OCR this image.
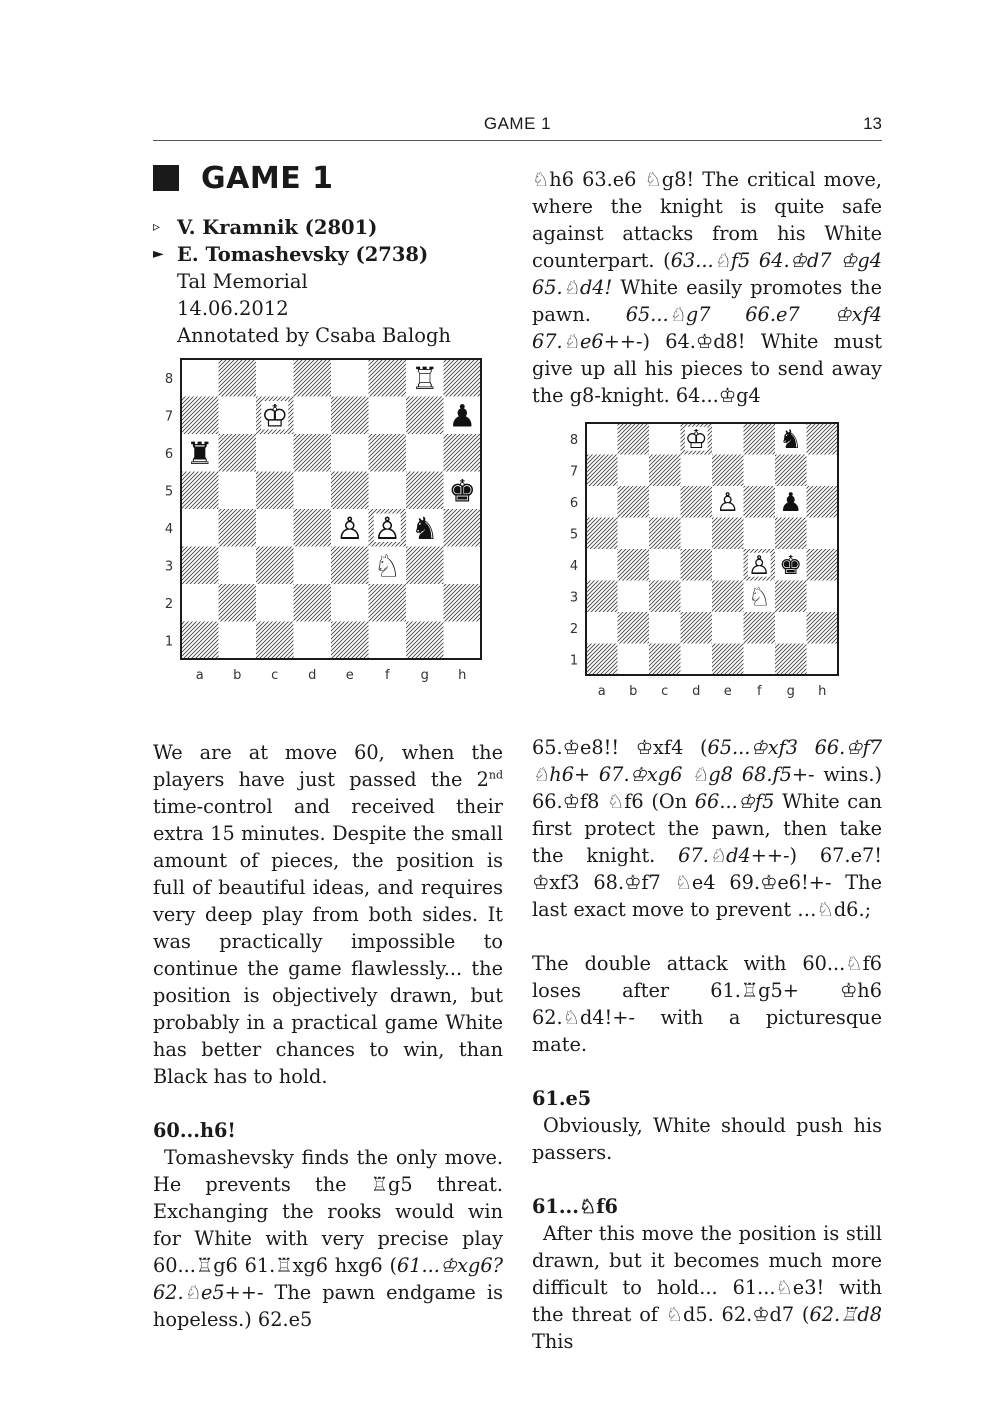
GAME 1	13
GAME 1
▹ V. Kramnik (2801)
► E. Tomashevsky (2738)
Tal Memorial
14.06.2012
Annotated by Csaba Balogh
8
7
6
5
4
3
2
1
a b c d e f g h
♖
♔	♟
♜
♚
♙ ♙ ♞
♘

We are at move 60, when the players have just passed the 2nd time-control and received their extra 15 minutes. Despite the small amount of pieces, the position is full of beautiful ideas, and requires very deep play from both sides. It was practically impossible to continue the game flawlessly... the position is objectively drawn, but probably in a practical game White has better chances to win, than Black has to hold.

60...h6!

Tomashevsky finds the only move. He prevents the ♖g5 threat. Exchanging the rooks would win for White with very precise play 60...♖g6 61.♖xg6 hxg6 (61...♔xg6? 62.♘e5++- The pawn endgame is hopeless.) 62.e5

♘h6 63.e6 ♘g8! The critical move, where the knight is quite safe against attacks from his White counterpart. (63...♘f5 64.♔d7 ♔g4 65.♘d4! White easily promotes the pawn. 65...♘g7 66.e7 ♔xf4 67.♘e6++-) 64.♔d8! White must give up all his pieces to send away the g8-knight. 64...♔g4

8
7
6
5
4
3
2
1
a b c d e f g h
♔	♞
♙ ♟
♙ ♚
♘

65.♔e8!! ♔xf4 (65...♔xf3 66.♔f7 ♘h6+ 67.♔xg6 ♘g8 68.f5+- wins.) 66.♔f8 ♘f6 (On 66...♔f5 White can first protect the pawn, then take the knight. 67.♘d4++-) 67.e7! ♔xf3 68.♔f7 ♘e4 69.♔e6!+- The last exact move to prevent …♘d6.;

The double attack with 60...♘f6 loses after 61.♖g5+ ♔h6 62.♘d4!+- with a picturesque mate.

61.e5

Obviously, White should push his passers.

61...♘f6

After this move the position is still drawn, but it becomes much more difficult to hold... 61...♘e3! with the threat of ♘d5. 62.♔d7 (62.♖d8 This
